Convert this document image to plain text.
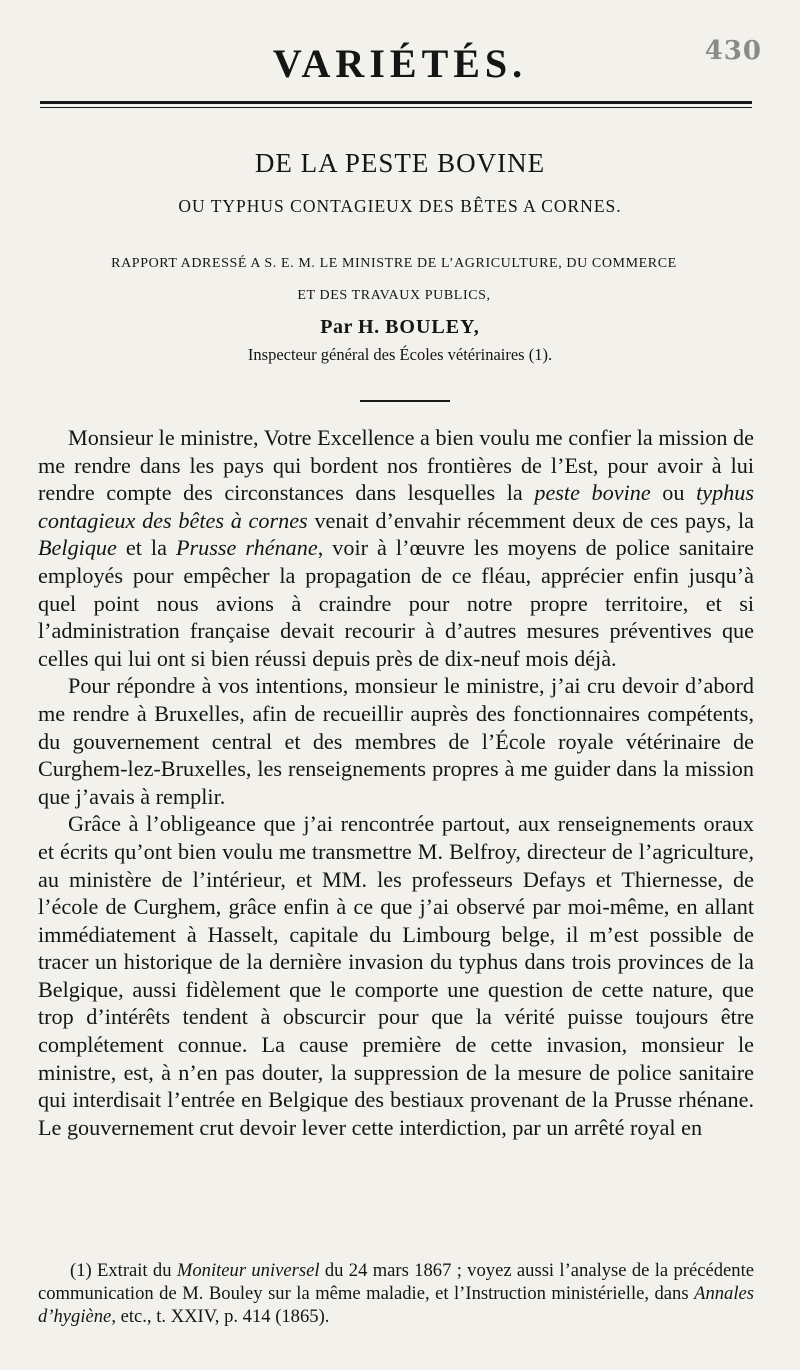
430
VARIÉTÉS.
DE LA PESTE BOVINE
OU TYPHUS CONTAGIEUX DES BÊTES A CORNES.
RAPPORT ADRESSÉ A S. E. M. LE MINISTRE DE L’AGRICULTURE, DU COMMERCE
ET DES TRAVAUX PUBLICS,
Par H. BOULEY,
Inspecteur général des Écoles vétérinaires (1).

Monsieur le ministre, Votre Excellence a bien voulu me confier la mission de me rendre dans les pays qui bordent nos frontières de l’Est, pour avoir à lui rendre compte des circonstances dans lesquelles la peste bovine ou typhus contagieux des bêtes à cornes venait d’envahir récemment deux de ces pays, la Belgique et la Prusse rhénane, voir à l’œuvre les moyens de police sanitaire employés pour empêcher la propagation de ce fléau, apprécier enfin jusqu’à quel point nous avions à craindre pour notre propre territoire, et si l’administration française devait recourir à d’autres mesures préventives que celles qui lui ont si bien réussi depuis près de dix-neuf mois déjà.

Pour répondre à vos intentions, monsieur le ministre, j’ai cru devoir d’abord me rendre à Bruxelles, afin de recueillir auprès des fonctionnaires compétents, du gouvernement central et des membres de l’École royale vétérinaire de Curghem-lez-Bruxelles, les renseignements propres à me guider dans la mission que j’avais à remplir.

Grâce à l’obligeance que j’ai rencontrée partout, aux renseignements oraux et écrits qu’ont bien voulu me transmettre M. Belfroy, directeur de l’agriculture, au ministère de l’intérieur, et MM. les professeurs Defays et Thiernesse, de l’école de Curghem, grâce enfin à ce que j’ai observé par moi-même, en allant immédiatement à Hasselt, capitale du Limbourg belge, il m’est possible de tracer un historique de la dernière invasion du typhus dans trois provinces de la Belgique, aussi fidèlement que le comporte une question de cette nature, que trop d’intérêts tendent à obscurcir pour que la vérité puisse toujours être complétement connue. La cause première de cette invasion, monsieur le ministre, est, à n’en pas douter, la suppression de la mesure de police sanitaire qui interdisait l’entrée en Belgique des bestiaux provenant de la Prusse rhénane. Le gouvernement crut devoir lever cette interdiction, par un arrêté royal en

(1) Extrait du Moniteur universel du 24 mars 1867 ; voyez aussi l’analyse de la précédente communication de M. Bouley sur la même maladie, et l’Instruction ministérielle, dans Annales d’hygiène, etc., t. XXIV, p. 414 (1865).
